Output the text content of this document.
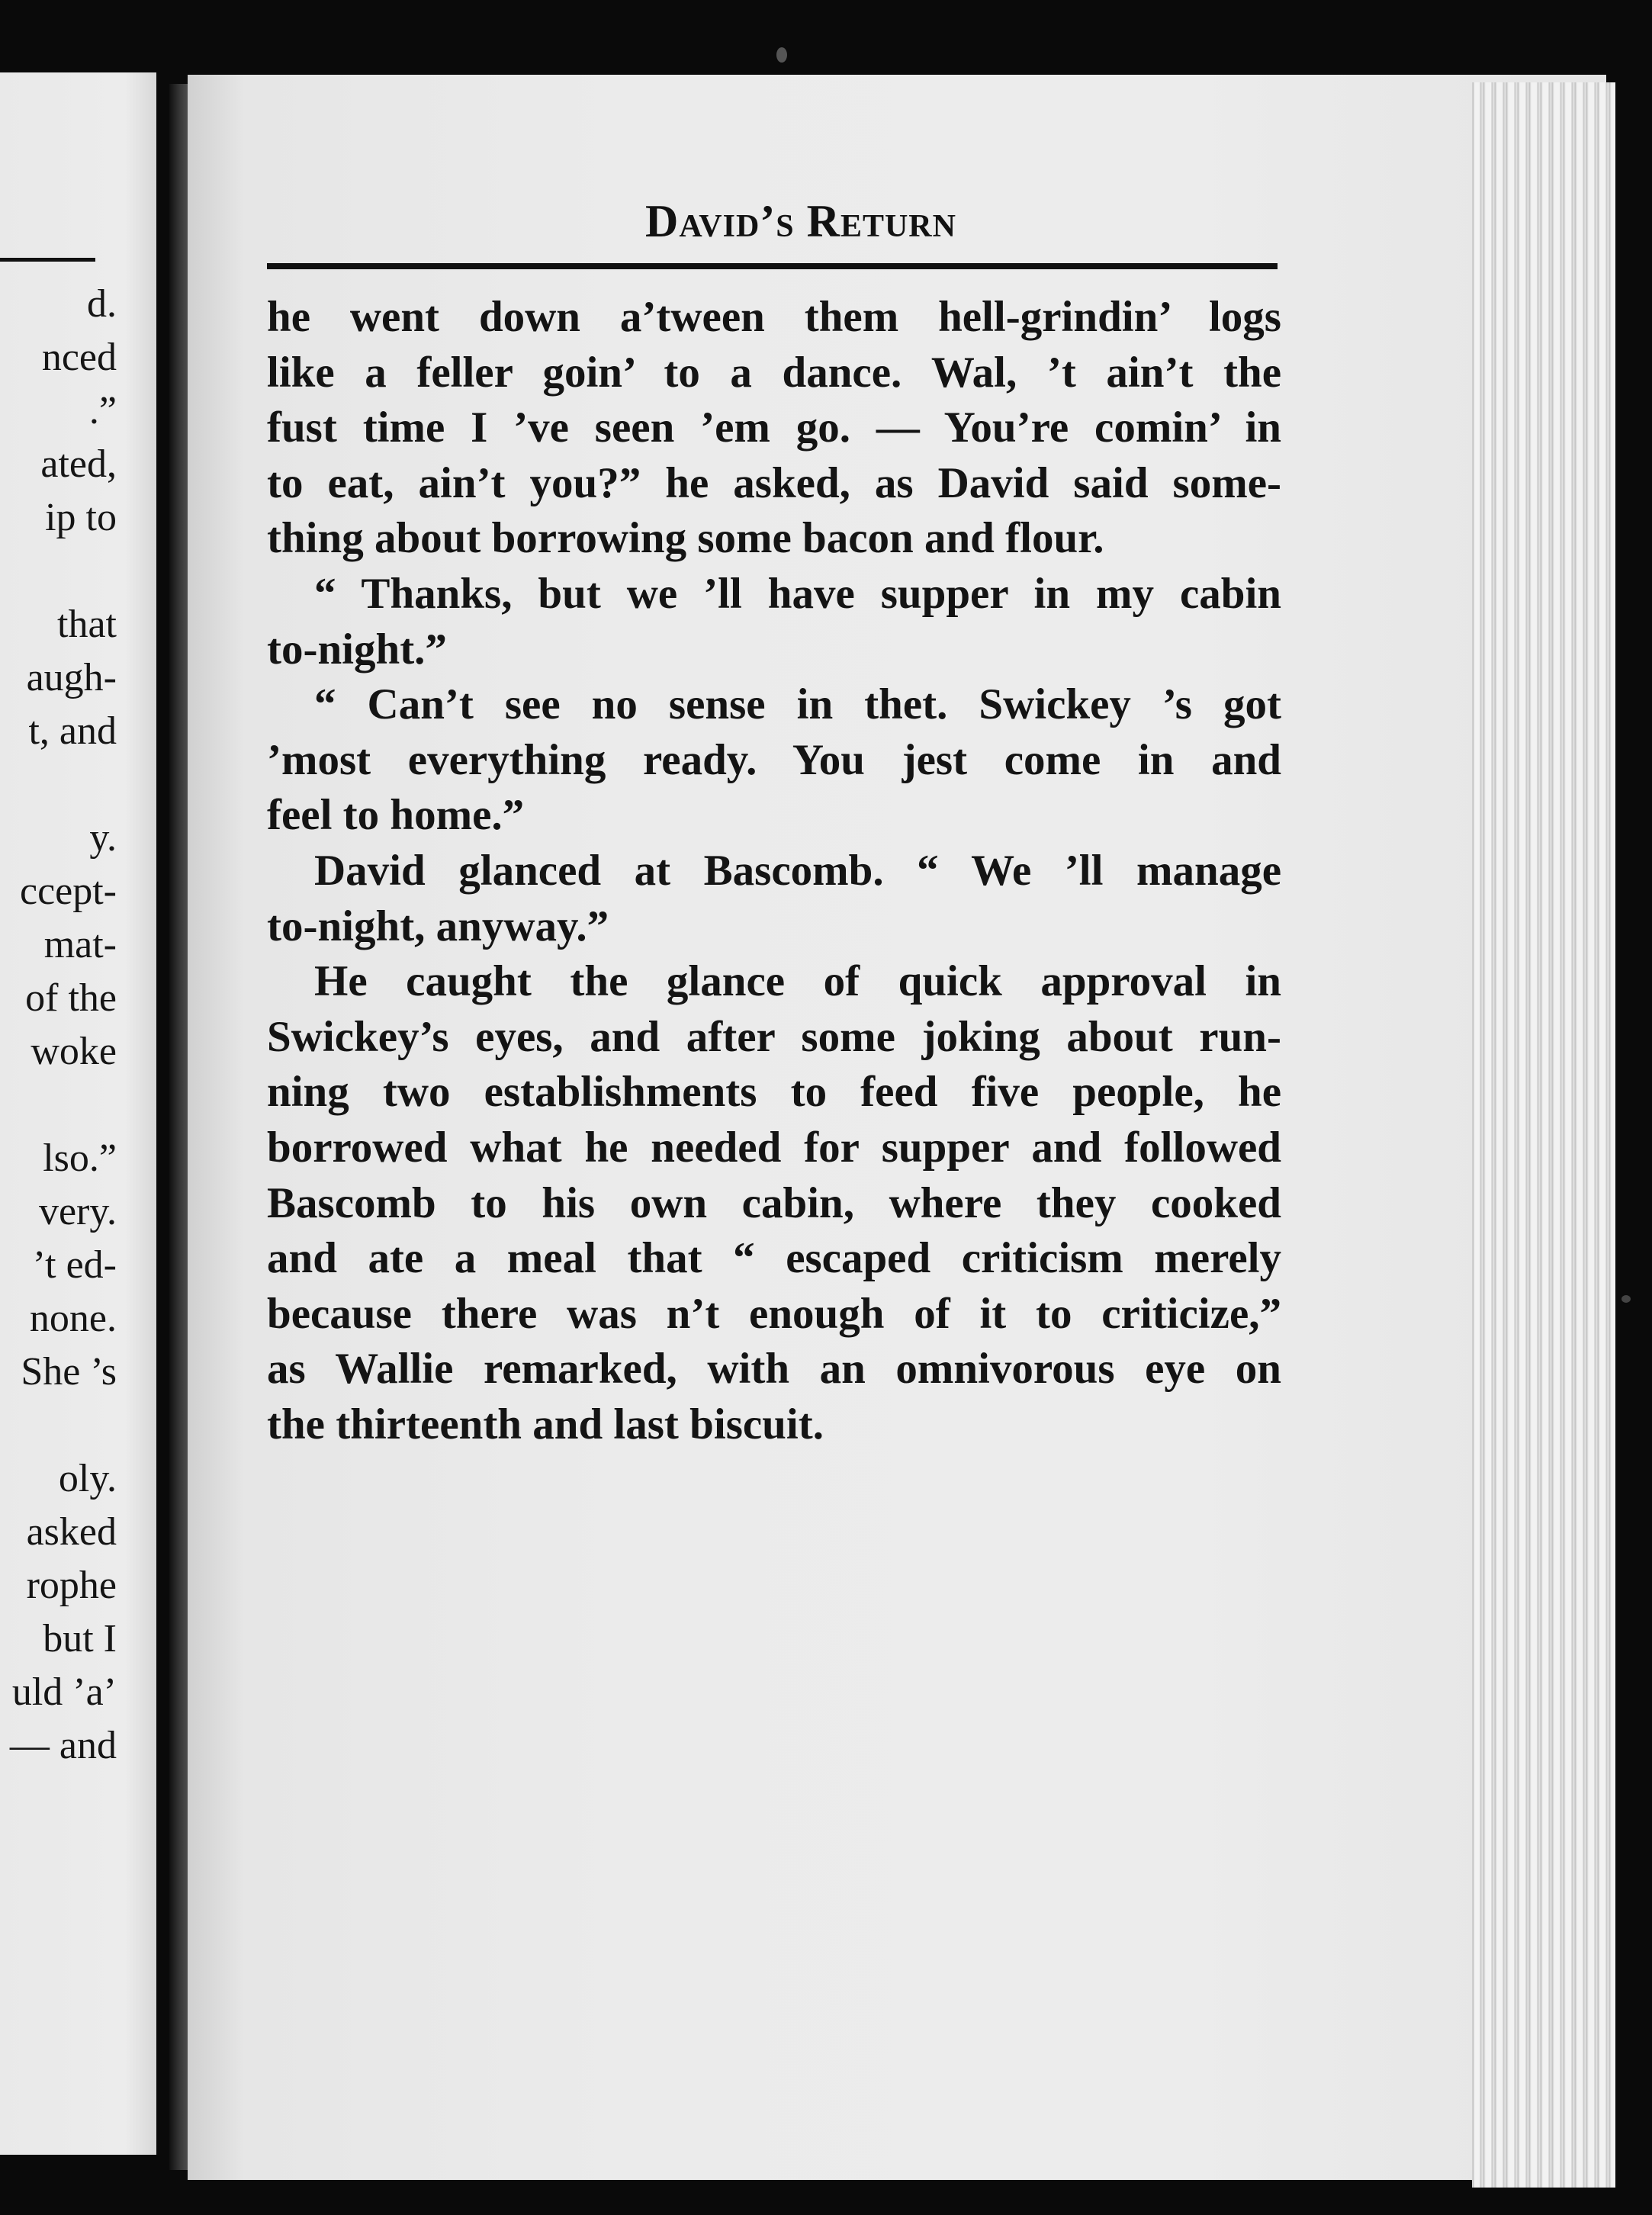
d.
nced
.”
ated,
ip to
that
augh-
t, and
y.
ccept-
mat-
of the
woke
lso.”
very.
’t ed-
none.
She ’s
oly.
asked
rophe
but I
uld ’a’
— and
David’s Return
he went down a’tween them hell-grindin’ logs
like a feller goin’ to a dance. Wal, ’t ain’t the
fust time I ’ve seen ’em go. — You’re comin’ in
to eat, ain’t you?” he asked, as David said some-
thing about borrowing some bacon and flour.
“ Thanks, but we ’ll have supper in my cabin
to-night.”
“ Can’t see no sense in thet. Swickey ’s got
’most everything ready. You jest come in and
feel to home.”
David glanced at Bascomb. “ We ’ll manage
to-night, anyway.”
He caught the glance of quick approval in
Swickey’s eyes, and after some joking about run-
ning two establishments to feed five people, he
borrowed what he needed for supper and followed
Bascomb to his own cabin, where they cooked
and ate a meal that “ escaped criticism merely
because there was n’t enough of it to criticize,”
as Wallie remarked, with an omnivorous eye on
the thirteenth and last biscuit.
